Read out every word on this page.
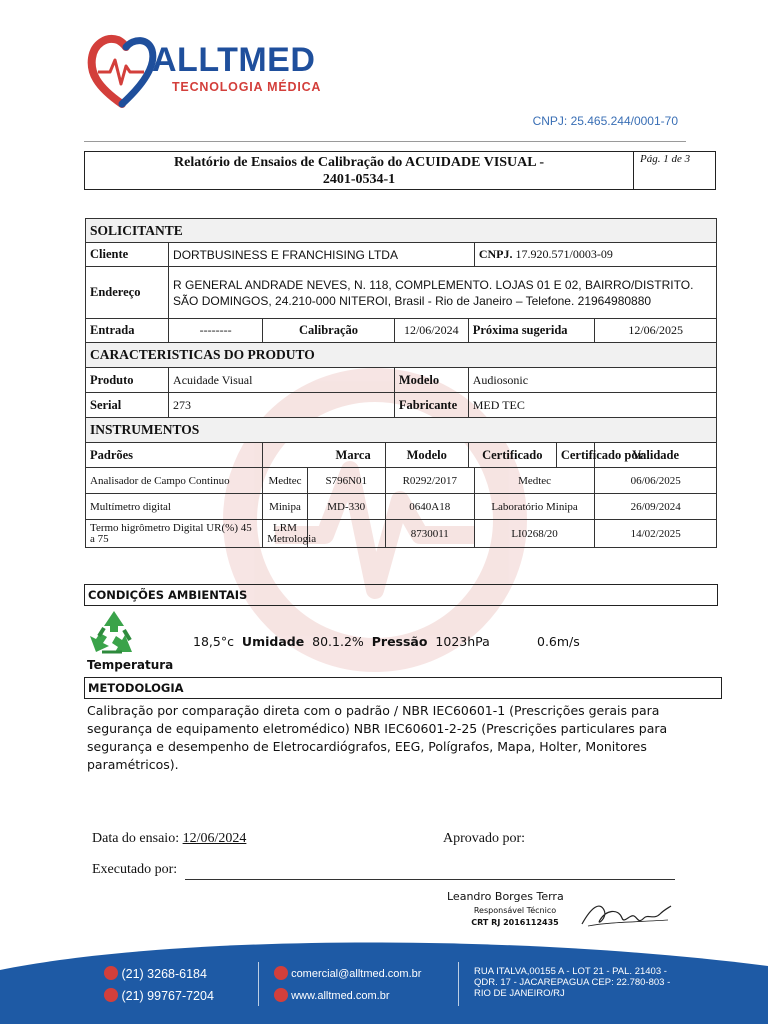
ALLTMED
TECNOLOGIA MÉDICA
CNPJ: 25.465.244/0001-70
Relatório de Ensaios de Calibração do ACUIDADE VISUAL -
2401-0534-1
Pág. 1 de 3
SOLICITANTE									
Cliente	DORTBUSINESS E FRANCHISING LTDA						CNPJ. 17.920.571/0003-09		
Endereço	R GENERAL ANDRADE NEVES, N. 118, COMPLEMENTO. LOJAS 01 E 02, BAIRRO/DISTRITO. SÃO DOMINGOS, 24.210-000 NITEROI, Brasil - Rio de Janeiro – Telefone. 21964980880								
Entrada	--------	Calibração			12/06/2024	Próxima sugerida			12/06/2025
CARACTERISTICAS DO PRODUTO									
Produto	Acuidade Visual				Modelo	Audiosonic			
Serial	273				Fabricante	MED TEC			
INSTRUMENTOS									
Padrões		Marca		Modelo		Certificado		Certificado por	Validade
Analisador de Campo Continuo		Medtec	S796N01	R0292/2017			Medtec		06/06/2025
Multímetro digital		Minipa	MD-330	0640A18			Laboratório Minipa		26/09/2024
Termo higrômetro Digital UR(%) 45 a 75		LRM Metrologia		8730011			LI0268/20		14/02/2025
CONDIÇÕES AMBIENTAIS
18,5°c Umidade 80.1.2% Pressão 1023hPa	0.6m/s
Temperatura
METODOLOGIA
Calibração por comparação direta com o padrão / NBR IEC60601-1 (Prescrições gerais para segurança de equipamento eletromédico) NBR IEC60601-2-25 (Prescrições particulares para segurança e desempenho de Eletrocardiógrafos, EEG, Polígrafos, Mapa, Holter, Monitores paramétricos).
Data do ensaio: 12/06/2024	Aprovado por:
Executado por:
Leandro Borges Terra
Responsável Técnico
CRT RJ 2016112435
(21) 3268-6184
(21) 99767-7204
comercial@alltmed.com.br
www.alltmed.com.br
RUA ITALVA,00155 A - LOT 21 - PAL. 21403 - QDR. 17 - JACAREPAGUA CEP: 22.780-803 - RIO DE JANEIRO/RJ
